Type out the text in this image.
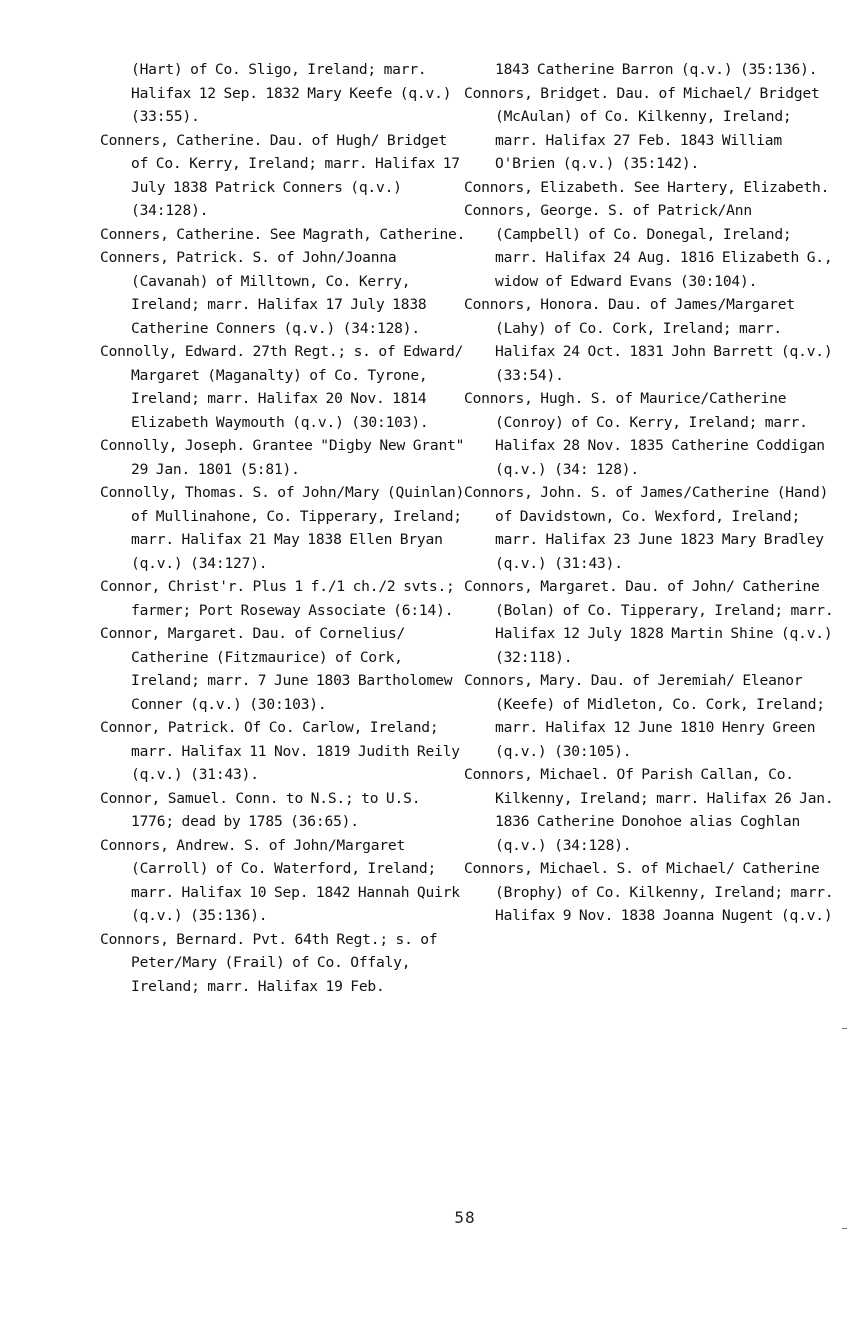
(Hart) of Co. Sligo, Ireland; marr. Halifax 12 Sep. 1832 Mary Keefe (q.v.) (33:55).

Conners, Catherine. Dau. of Hugh/ Bridget of Co. Kerry, Ireland; marr. Halifax 17 July 1838 Patrick Conners (q.v.) (34:128).

Conners, Catherine. See Magrath, Catherine.

Conners, Patrick. S. of John/Joanna (Cavanah) of Milltown, Co. Kerry, Ireland; marr. Halifax 17 July 1838 Catherine Conners (q.v.) (34:128).

Connolly, Edward. 27th Regt.; s. of Edward/ Margaret (Maganalty) of Co. Tyrone, Ireland; marr. Halifax 20 Nov. 1814 Elizabeth Waymouth (q.v.) (30:103).

Connolly, Joseph. Grantee "Digby New Grant" 29 Jan. 1801 (5:81).

Connolly, Thomas. S. of John/Mary (Quinlan) of Mullinahone, Co. Tipperary, Ireland; marr. Halifax 21 May 1838 Ellen Bryan (q.v.) (34:127).

Connor, Christ'r. Plus 1 f./1 ch./2 svts.; farmer; Port Roseway Associate (6:14).

Connor, Margaret. Dau. of Cornelius/ Catherine (Fitzmaurice) of Cork, Ireland; marr. 7 June 1803 Bartholomew Conner (q.v.) (30:103).

Connor, Patrick. Of Co. Carlow, Ireland; marr. Halifax 11 Nov. 1819 Judith Reily (q.v.) (31:43).

Connor, Samuel. Conn. to N.S.; to U.S. 1776; dead by 1785 (36:65).

Connors, Andrew. S. of John/Margaret (Carroll) of Co. Waterford, Ireland; marr. Halifax 10 Sep. 1842 Hannah Quirk (q.v.) (35:136).

Connors, Bernard. Pvt. 64th Regt.; s. of Peter/Mary (Frail) of Co. Offaly, Ireland; marr. Halifax 19 Feb.

1843 Catherine Barron (q.v.) (35:136).

Connors, Bridget. Dau. of Michael/ Bridget (McAulan) of Co. Kilkenny, Ireland; marr. Halifax 27 Feb. 1843 William O'Brien (q.v.) (35:142).

Connors, Elizabeth. See Hartery, Elizabeth.

Connors, George. S. of Patrick/Ann (Campbell) of Co. Donegal, Ireland; marr. Halifax 24 Aug. 1816 Elizabeth G., widow of Edward Evans (30:104).

Connors, Honora. Dau. of James/Margaret (Lahy) of Co. Cork, Ireland; marr. Halifax 24 Oct. 1831 John Barrett (q.v.) (33:54).

Connors, Hugh. S. of Maurice/Catherine (Conroy) of Co. Kerry, Ireland; marr. Halifax 28 Nov. 1835 Catherine Coddigan (q.v.) (34: 128).

Connors, John. S. of James/Catherine (Hand) of Davidstown, Co. Wexford, Ireland; marr. Halifax 23 June 1823 Mary Bradley (q.v.) (31:43).

Connors, Margaret. Dau. of John/ Catherine (Bolan) of Co. Tipperary, Ireland; marr. Halifax 12 July 1828 Martin Shine (q.v.) (32:118).

Connors, Mary. Dau. of Jeremiah/ Eleanor (Keefe) of Midleton, Co. Cork, Ireland; marr. Halifax 12 June 1810 Henry Green (q.v.) (30:105).

Connors, Michael. Of Parish Callan, Co. Kilkenny, Ireland; marr. Halifax 26 Jan. 1836 Catherine Donohoe alias Coghlan (q.v.) (34:128).

Connors, Michael. S. of Michael/ Catherine (Brophy) of Co. Kilkenny, Ireland; marr. Halifax 9 Nov. 1838 Joanna Nugent (q.v.)

58
